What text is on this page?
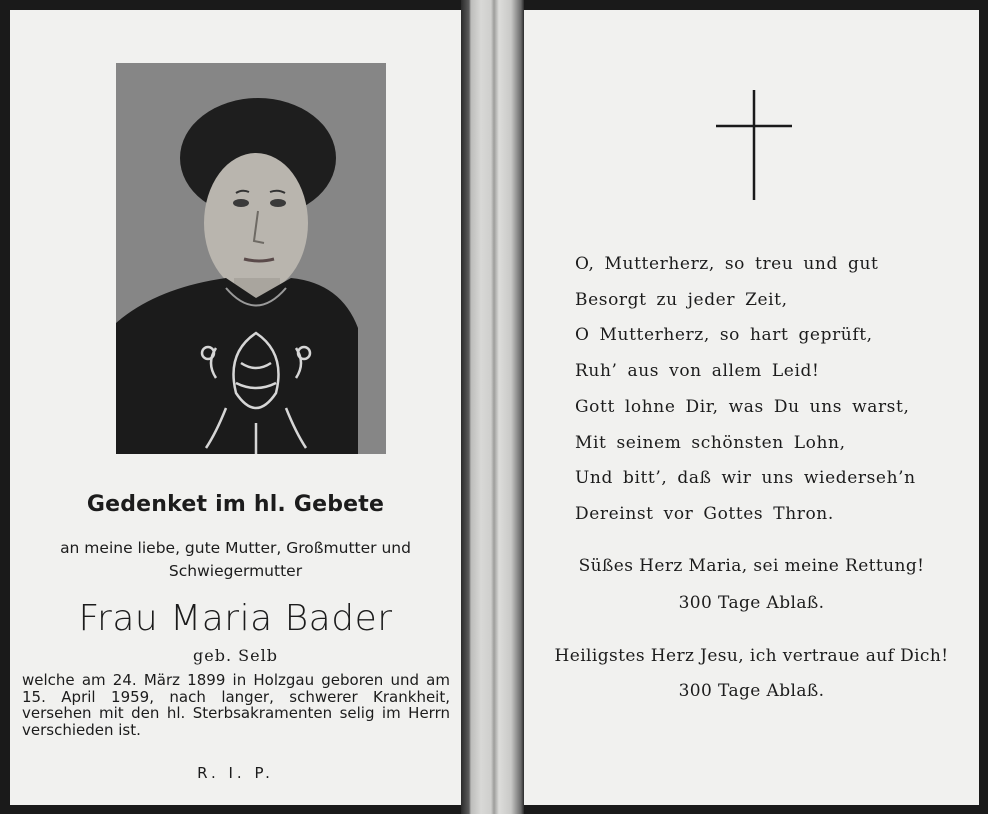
Gedenket im hl. Gebete
an meine liebe, gute Mutter, Großmutter und
Schwiegermutter
Frau Maria Bader
geb. Selb
welche am 24. März 1899 in Holzgau geboren und am 15. April 1959, nach langer, schwerer Krankheit, versehen mit den hl. Sterbsakramenten selig im Herrn verschieden ist.
R. I. P.
O, Mutterherz, so treu und gut
Besorgt zu jeder Zeit,
O Mutterherz, so hart geprüft,
Ruh’ aus von allem Leid!
Gott lohne Dir, was Du uns warst,
Mit seinem schönsten Lohn,
Und bitt’, daß wir uns wiederseh’n
Dereinst vor Gottes Thron.
Süßes Herz Maria, sei meine Rettung!
300 Tage Ablaß.
Heiligstes Herz Jesu, ich vertraue auf Dich!
300 Tage Ablaß.
